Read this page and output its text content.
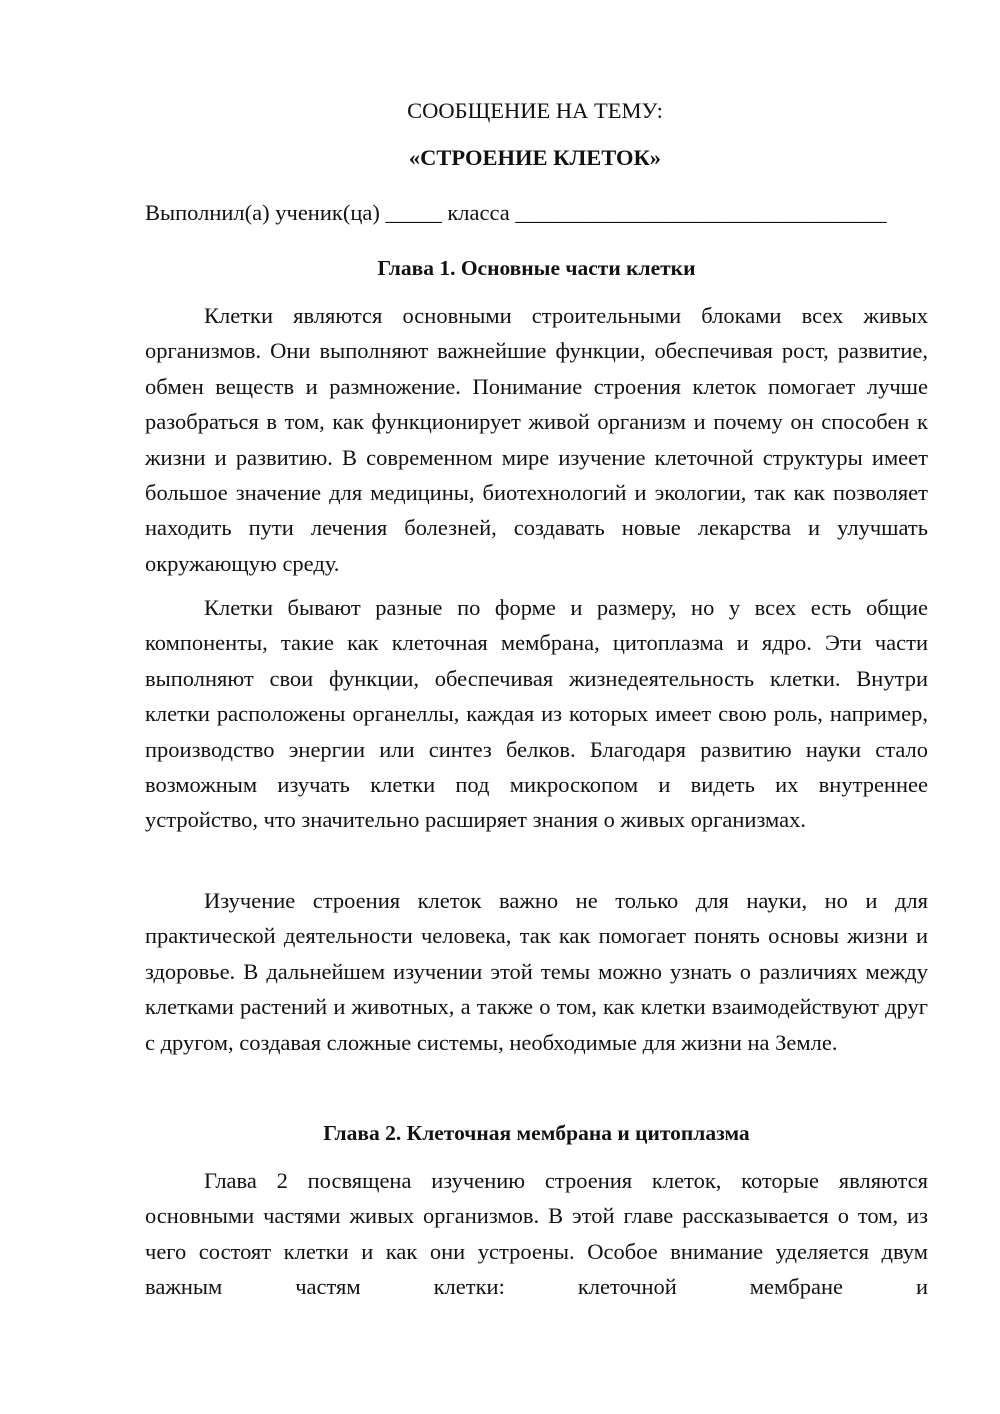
СООБЩЕНИЕ НА ТЕМУ:
«СТРОЕНИЕ КЛЕТОК»
Выполнил(а) ученик(ца) _____ класса _________________________________
Глава 1. Основные части клетки

Клетки являются основными строительными блоками всех живых организмов. Они выполняют важнейшие функции, обеспечивая рост, развитие, обмен веществ и размножение. Понимание строения клеток помогает лучше разобраться в том, как функционирует живой организм и почему он способен к жизни и развитию. В современном мире изучение клеточной структуры имеет большое значение для медицины, биотехнологий и экологии, так как позволяет находить пути лечения болезней, создавать новые лекарства и улучшать окружающую среду.

Клетки бывают разные по форме и размеру, но у всех есть общие компоненты, такие как клеточная мембрана, цитоплазма и ядро. Эти части выполняют свои функции, обеспечивая жизнедеятельность клетки. Внутри клетки расположены органеллы, каждая из которых имеет свою роль, например, производство энергии или синтез белков. Благодаря развитию науки стало возможным изучать клетки под микроскопом и видеть их внутреннее устройство, что значительно расширяет знания о живых организмах.

Изучение строения клеток важно не только для науки, но и для практической деятельности человека, так как помогает понять основы жизни и здоровье. В дальнейшем изучении этой темы можно узнать о различиях между клетками растений и животных, а также о том, как клетки взаимодействуют друг с другом, создавая сложные системы, необходимые для жизни на Земле.

Глава 2. Клеточная мембрана и цитоплазма

Глава 2 посвящена изучению строения клеток, которые являются основными частями живых организмов. В этой главе рассказывается о том, из чего состоят клетки и как они устроены. Особое внимание уделяется двум важным частям клетки: клеточной мембране и
